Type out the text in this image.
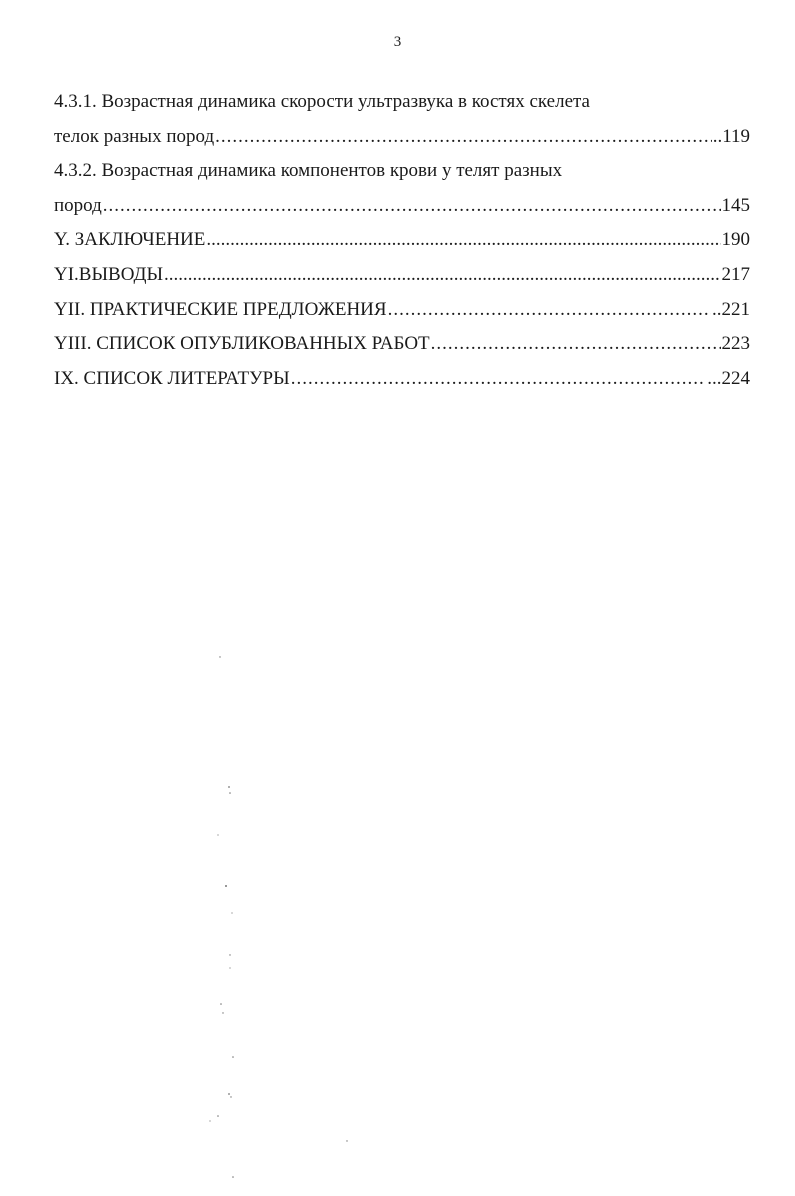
3
4.3.1. Возрастная динамика скорости ультразвука в костях скелета
телок разных пород .....	..119
4.3.2. Возрастная динамика компонентов крови у телят разных
пород .....	145
Y. ЗАКЛЮЧЕНИЕ .....	190
YI.ВЫВОДЫ .....	217
YII. ПРАКТИЧЕСКИЕ ПРЕДЛОЖЕНИЯ .....	..221
YIII. СПИСОК ОПУБЛИКОВАННЫХ РАБОТ .....	223
IX. СПИСОК ЛИТЕРАТУРЫ .....	...224
